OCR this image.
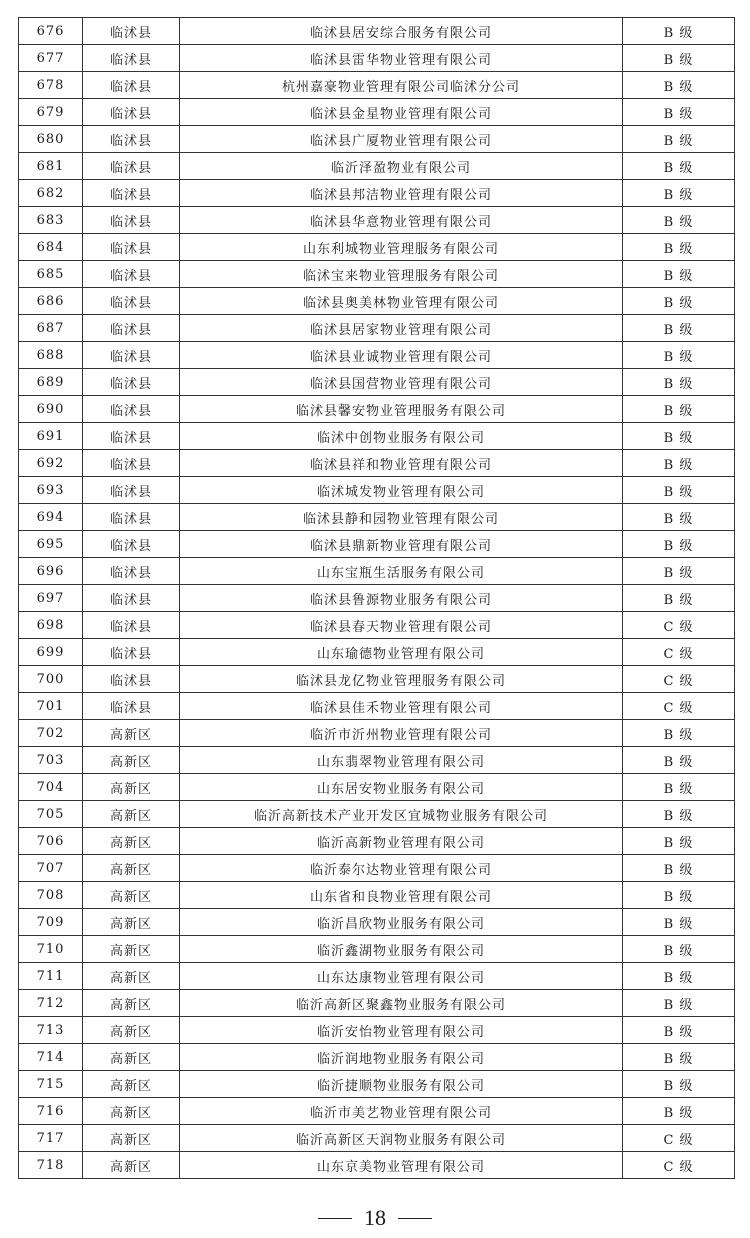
676	临沭县	临沭县居安综合服务有限公司	B 级
677	临沭县	临沭县雷华物业管理有限公司	B 级
678	临沭县	杭州嘉豪物业管理有限公司临沭分公司	B 级
679	临沭县	临沭县金星物业管理有限公司	B 级
680	临沭县	临沭县广厦物业管理有限公司	B 级
681	临沭县	临沂泽盈物业有限公司	B 级
682	临沭县	临沭县邦洁物业管理有限公司	B 级
683	临沭县	临沭县华意物业管理有限公司	B 级
684	临沭县	山东利城物业管理服务有限公司	B 级
685	临沭县	临沭宝来物业管理服务有限公司	B 级
686	临沭县	临沭县奥美林物业管理有限公司	B 级
687	临沭县	临沭县居家物业管理有限公司	B 级
688	临沭县	临沭县业诚物业管理有限公司	B 级
689	临沭县	临沭县国营物业管理有限公司	B 级
690	临沭县	临沭县馨安物业管理服务有限公司	B 级
691	临沭县	临沭中创物业服务有限公司	B 级
692	临沭县	临沭县祥和物业管理有限公司	B 级
693	临沭县	临沭城发物业管理有限公司	B 级
694	临沭县	临沭县静和园物业管理有限公司	B 级
695	临沭县	临沭县鼎新物业管理有限公司	B 级
696	临沭县	山东宝瓶生活服务有限公司	B 级
697	临沭县	临沭县鲁源物业服务有限公司	B 级
698	临沭县	临沭县春天物业管理有限公司	C 级
699	临沭县	山东瑜德物业管理有限公司	C 级
700	临沭县	临沭县龙亿物业管理服务有限公司	C 级
701	临沭县	临沭县佳禾物业管理有限公司	C 级
702	高新区	临沂市沂州物业管理有限公司	B 级
703	高新区	山东翡翠物业管理有限公司	B 级
704	高新区	山东居安物业服务有限公司	B 级
705	高新区	临沂高新技术产业开发区宜城物业服务有限公司	B 级
706	高新区	临沂高新物业管理有限公司	B 级
707	高新区	临沂泰尔达物业管理有限公司	B 级
708	高新区	山东省和良物业管理有限公司	B 级
709	高新区	临沂昌欣物业服务有限公司	B 级
710	高新区	临沂鑫湖物业服务有限公司	B 级
711	高新区	山东达康物业管理有限公司	B 级
712	高新区	临沂高新区聚鑫物业服务有限公司	B 级
713	高新区	临沂安怡物业管理有限公司	B 级
714	高新区	临沂润地物业服务有限公司	B 级
715	高新区	临沂捷顺物业服务有限公司	B 级
716	高新区	临沂市美艺物业管理有限公司	B 级
717	高新区	临沂高新区天润物业服务有限公司	C 级
718	高新区	山东京美物业管理有限公司	C 级
18
